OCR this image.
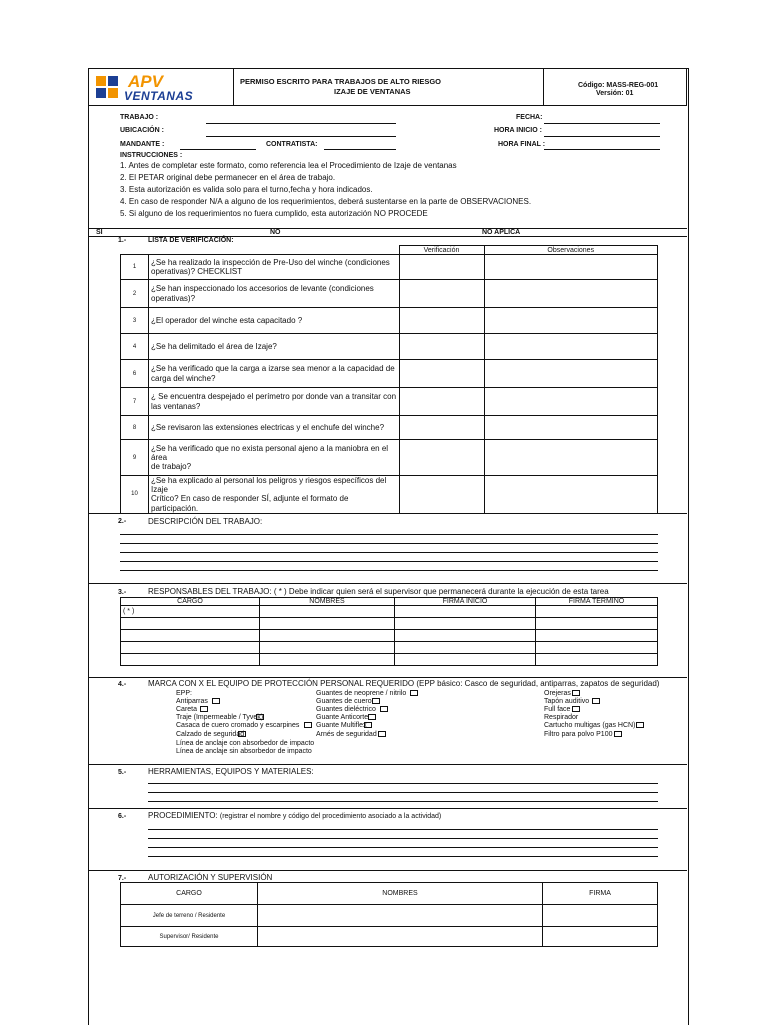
APV
VENTANAS
PERMISO ESCRITO PARA TRABAJOS DE ALTO RIESGO
IZAJE DE VENTANAS
Código: MASS-REG-001
Versión: 01
TRABAJO :
UBICACIÓN :
MANDANTE :	CONTRATISTA:
FECHA:
HORA INICIO :
HORA FINAL :
INSTRUCCIONES :
1. Antes de completar este formato, como referencia lea el Procedimiento de Izaje de ventanas
2. El PETAR original debe permanecer en el área de trabajo.
3. Esta autorización es valida solo para el turno,fecha y hora indicados.
4. En caso de responder N/A a alguno de los requerimientos, deberá sustentarse en la parte de OBSERVACIONES.
5. Si alguno de los requerimientos no fuera cumplido, esta autorización NO PROCEDE
SI	NO	NO APLICA
1.-	LISTA DE VERIFICACIÓN:
		Verificación	Observaciones
1	¿Se ha realizado la inspección de Pre-Uso del winche (condiciones
operativas)? CHECKLIST		

2	¿Se han inspeccionado los accesorios de levante (condiciones
operativas)?		

3	¿El operador del winche esta capacitado ?		

4	¿Se ha delimitado el área de Izaje?		

6	¿Se ha verificado que la carga a izarse sea menor a la capacidad de
carga del winche?		

7	¿ Se encuentra despejado el perímetro por donde van a transitar con
las ventanas?		

8	¿Se revisaron las extensiones electricas y el enchufe del winche?		

9	¿Se ha verificado que no exista personal ajeno a la maniobra en el área
de trabajo?		

10	¿Se ha explicado al personal los peligros y riesgos específicos del Izaje
Crítico? En caso de responder SÍ, adjunte el formato de participación.		

2.-	DESCRIPCIÓN DEL TRABAJO:
3.-	RESPONSABLES DEL TRABAJO: ( * ) Debe indicar quien será el supervisor que permanecerá durante la ejecución de esta tarea
CARGO	NOMBRES	FIRMA INICIO	FIRMA TERMINO
( * )			

4.-	MARCA CON X EL EQUIPO DE PROTECCIÓN PERSONAL REQUERIDO (EPP básico: Casco de seguridad, antiparras, zapatos de seguridad)
EPP:
Antiparras
Careta
Traje (Impermeable / Tyvek)
Casaca de cuero cromado y escarpines
Calzado de seguridad
Línea de anclaje con absorbedor de impacto
Línea de anclaje sin absorbedor de impacto
Guantes de neoprene / nitrilo
Guantes de cuero
Guantes dieléctrico
Guante Anticorte
Guante Multiflex
Arnés de seguridad
Orejeras
Tapón auditivo
Full face
Respirador
Cartucho multigas (gas HCN)
Filtro para polvo P100
5.-	HERRAMIENTAS, EQUIPOS Y MATERIALES:
6.-	PROCEDIMIENTO: (registrar el nombre y código del procedimiento asociado a la actividad)
7.-	AUTORIZACIÓN Y SUPERVISIÓN
CARGO	NOMBRES	FIRMA
Jefe de terreno / Residente		
Supervisor/ Residente		
